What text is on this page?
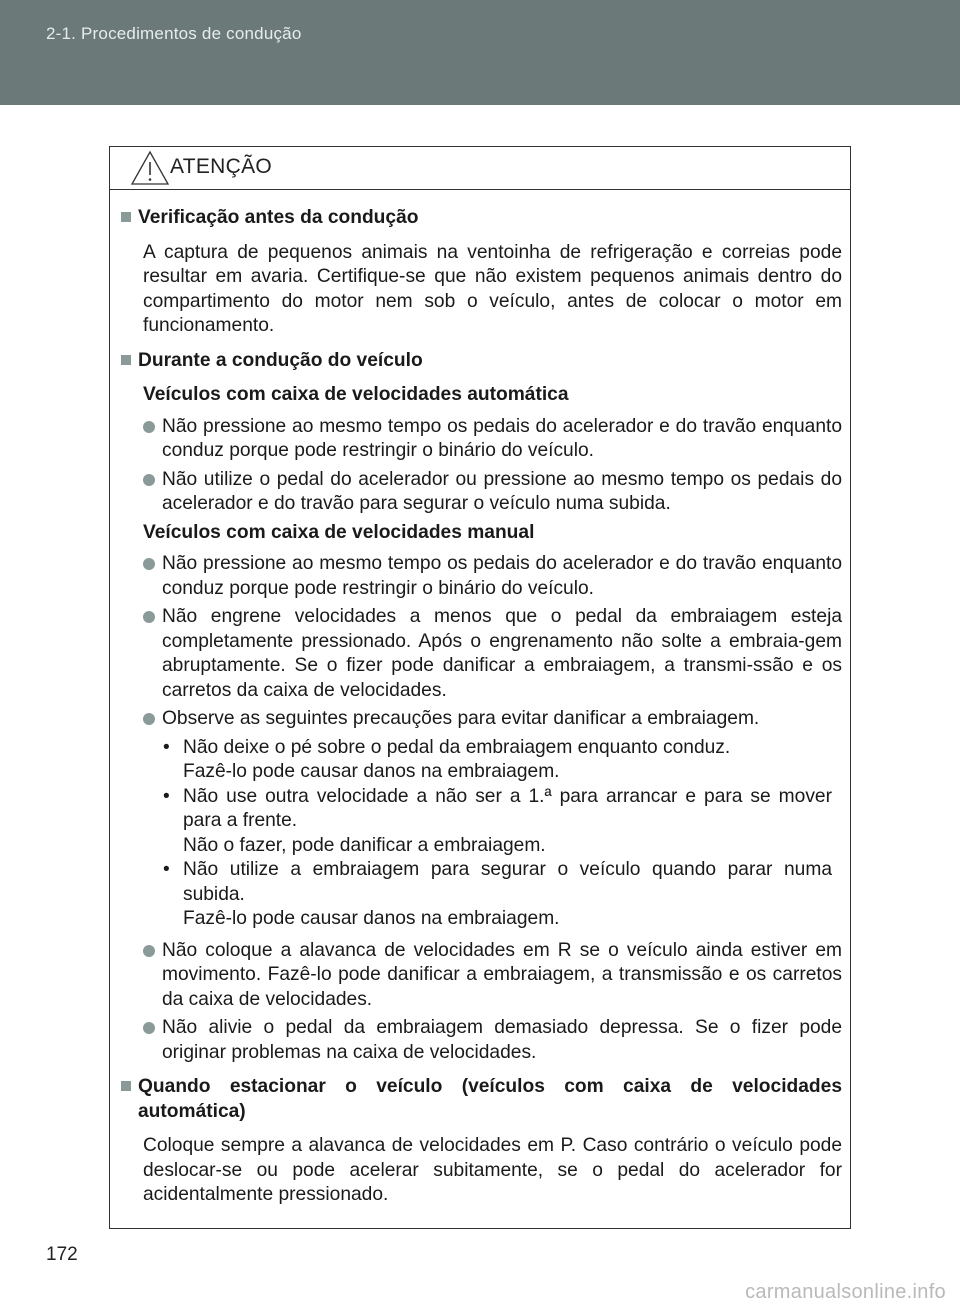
2-1. Procedimentos de condução
ATENÇÃO
Verificação antes da condução
A captura de pequenos animais na ventoinha de refrigeração e correias pode resultar em avaria. Certifique-se que não existem pequenos animais dentro do compartimento do motor nem sob o veículo, antes de colocar o motor em funcionamento.
Durante a condução do veículo
Veículos com caixa de velocidades automática
Não pressione ao mesmo tempo os pedais do acelerador e do travão enquanto conduz porque pode restringir o binário do veículo.
Não utilize o pedal do acelerador ou pressione ao mesmo tempo os pedais do acelerador e do travão para segurar o veículo numa subida.
Veículos com caixa de velocidades manual
Não pressione ao mesmo tempo os pedais do acelerador e do travão enquanto conduz porque pode restringir o binário do veículo.
Não engrene velocidades a menos que o pedal da embraiagem esteja completamente pressionado. Após o engrenamento não solte a embraia-gem abruptamente. Se o fizer pode danificar a embraiagem, a transmi-ssão e os carretos da caixa de velocidades.
Observe as seguintes precauções para evitar danificar a embraiagem.
• Não deixe o pé sobre o pedal da embraiagem enquanto conduz.
Fazê-lo pode causar danos na embraiagem.
• Não use outra velocidade a não ser a 1.ª para arrancar e para se mover para a frente.
Não o fazer, pode danificar a embraiagem.
• Não utilize a embraiagem para segurar o veículo quando parar numa subida.
Fazê-lo pode causar danos na embraiagem.
Não coloque a alavanca de velocidades em R se o veículo ainda estiver em movimento. Fazê-lo pode danificar a embraiagem, a transmissão e os carretos da caixa de velocidades.
Não alivie o pedal da embraiagem demasiado depressa. Se o fizer pode originar problemas na caixa de velocidades.
Quando estacionar o veículo (veículos com caixa de velocidades automática)
Coloque sempre a alavanca de velocidades em P. Caso contrário o veículo pode deslocar-se ou pode acelerar subitamente, se o pedal do acelerador for acidentalmente pressionado.
172
carmanualsonline.info
